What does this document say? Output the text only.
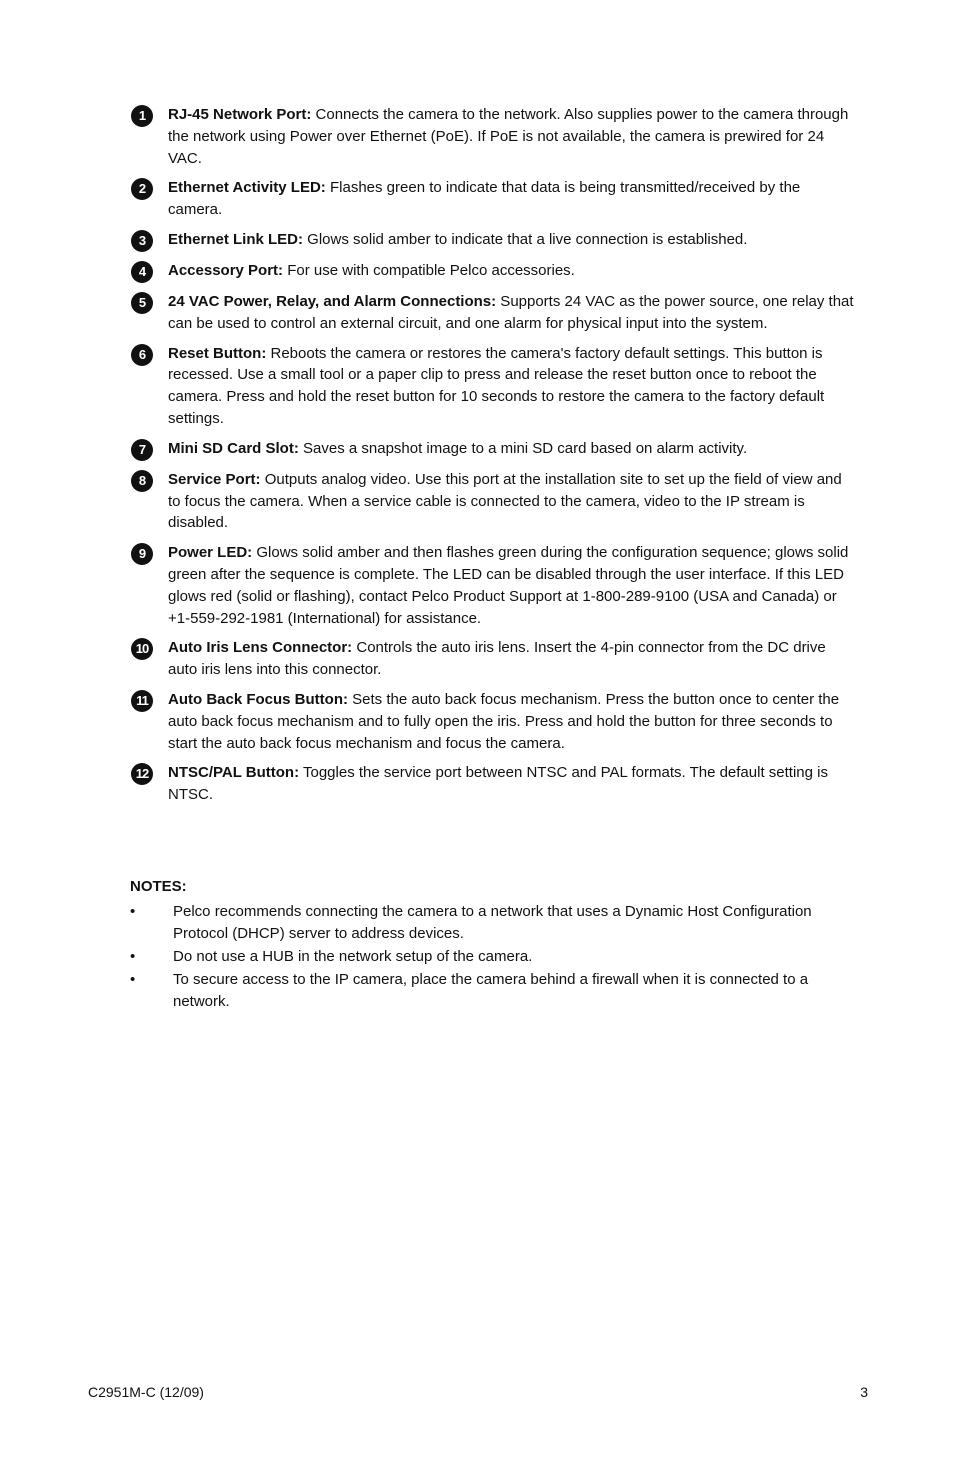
1	RJ-45 Network Port: Connects the camera to the network. Also supplies power to the camera through the network using Power over Ethernet (PoE). If PoE is not available, the camera is prewired for 24 VAC.
2	Ethernet Activity LED: Flashes green to indicate that data is being transmitted/received by the camera.
3	Ethernet Link LED: Glows solid amber to indicate that a live connection is established.
4	Accessory Port: For use with compatible Pelco accessories.
5	24 VAC Power, Relay, and Alarm Connections: Supports 24 VAC as the power source, one relay that can be used to control an external circuit, and one alarm for physical input into the system.
6	Reset Button: Reboots the camera or restores the camera's factory default settings. This button is recessed. Use a small tool or a paper clip to press and release the reset button once to reboot the camera. Press and hold the reset button for 10 seconds to restore the camera to the factory default settings.
7	Mini SD Card Slot: Saves a snapshot image to a mini SD card based on alarm activity.
8	Service Port: Outputs analog video. Use this port at the installation site to set up the field of view and to focus the camera. When a service cable is connected to the camera, video to the IP stream is disabled.
9	Power LED: Glows solid amber and then flashes green during the configuration sequence; glows solid green after the sequence is complete. The LED can be disabled through the user interface. If this LED glows red (solid or flashing), contact Pelco Product Support at 1-800-289-9100 (USA and Canada) or +1-559-292-1981 (International) for assistance.
10	Auto Iris Lens Connector: Controls the auto iris lens. Insert the 4-pin connector from the DC drive auto iris lens into this connector.
11	Auto Back Focus Button: Sets the auto back focus mechanism. Press the button once to center the auto back focus mechanism and to fully open the iris. Press and hold the button for three seconds to start the auto back focus mechanism and focus the camera.
12	NTSC/PAL Button: Toggles the service port between NTSC and PAL formats. The default setting is NTSC.
NOTES:
•	Pelco recommends connecting the camera to a network that uses a Dynamic Host Configuration Protocol (DHCP) server to address devices.
•	Do not use a HUB in the network setup of the camera.
•	To secure access to the IP camera, place the camera behind a firewall when it is connected to a network.
C2951M-C (12/09)	3
